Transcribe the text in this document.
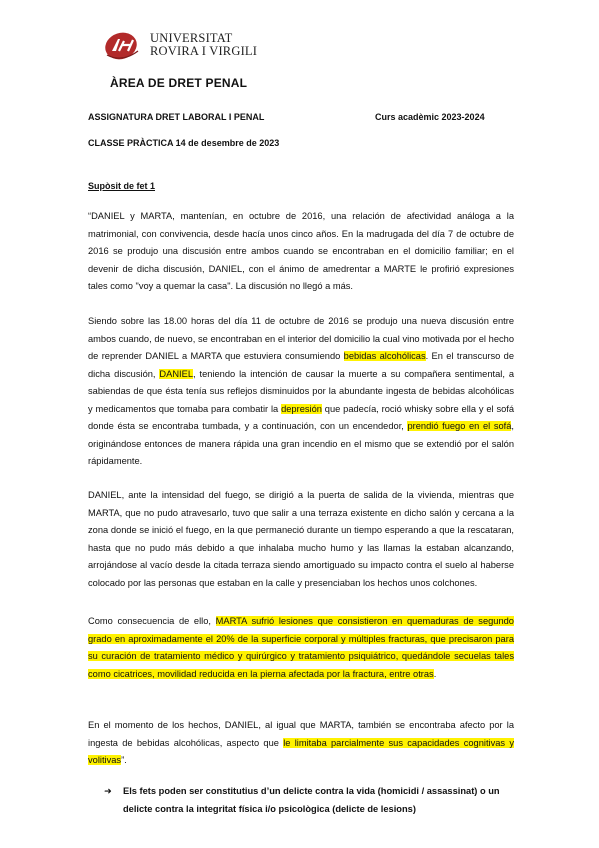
UNIVERSITAT
ROVIRA I VIRGILI
ÀREA DE DRET PENAL
ASSIGNATURA DRET LABORAL I PENAL	Curs acadèmic 2023-2024
CLASSE PRÀCTICA 14 de desembre de 2023
Supòsit de fet 1

“DANIEL y MARTA, mantenían, en octubre de 2016, una relación de afectividad análoga a la matrimonial, con convivencia, desde hacía unos cinco años. En la madrugada del día 7 de octubre de 2016 se produjo una discusión entre ambos cuando se encontraban en el domicilio familiar; en el devenir de dicha discusión, DANIEL, con el ánimo de amedrentar a MARTE le profirió expresiones tales como "voy a quemar la casa". La discusión no llegó a más.

Siendo sobre las 18.00 horas del día 11 de octubre de 2016 se produjo una nueva discusión entre ambos cuando, de nuevo, se encontraban en el interior del domicilio la cual vino motivada por el hecho de reprender DANIEL a MARTA que estuviera consumiendo bebidas alcohólicas. En el transcurso de dicha discusión, DANIEL, teniendo la intención de causar la muerte a su compañera sentimental, a sabiendas de que ésta tenía sus reflejos disminuidos por la abundante ingesta de bebidas alcohólicas y medicamentos que tomaba para combatir la depresión que padecía, roció whisky sobre ella y el sofá donde ésta se encontraba tumbada, y a continuación, con un encendedor, prendió fuego en el sofá, originándose entonces de manera rápida una gran incendio en el mismo que se extendió por el salón rápidamente.

DANIEL, ante la intensidad del fuego, se dirigió a la puerta de salida de la vivienda, mientras que MARTA, que no pudo atravesarlo, tuvo que salir a una terraza existente en dicho salón y cercana a la zona donde se inició el fuego, en la que permaneció durante un tiempo esperando a que la rescataran, hasta que no pudo más debido a que inhalaba mucho humo y las llamas la estaban alcanzando, arrojándose al vacío desde la citada terraza siendo amortiguado su impacto contra el suelo al haberse colocado por las personas que estaban en la calle y presenciaban los hechos unos colchones.

Como consecuencia de ello, MARTA sufrió lesiones que consistieron en quemaduras de segundo grado en aproximadamente el 20% de la superficie corporal y múltiples fracturas, que precisaron para su curación de tratamiento médico y quirúrgico y tratamiento psiquiátrico, quedándole secuelas tales como cicatrices, movilidad reducida en la pierna afectada por la fractura, entre otras.

En el momento de los hechos, DANIEL, al igual que MARTA, también se encontraba afecto por la ingesta de bebidas alcohólicas, aspecto que le limitaba parcialmente sus capacidades cognitivas y volitivas”.

➜ Els fets poden ser constitutius d’un delicte contra la vida (homicidi / assassinat) o un delicte contra la integritat física i/o psicològica (delicte de lesions)
